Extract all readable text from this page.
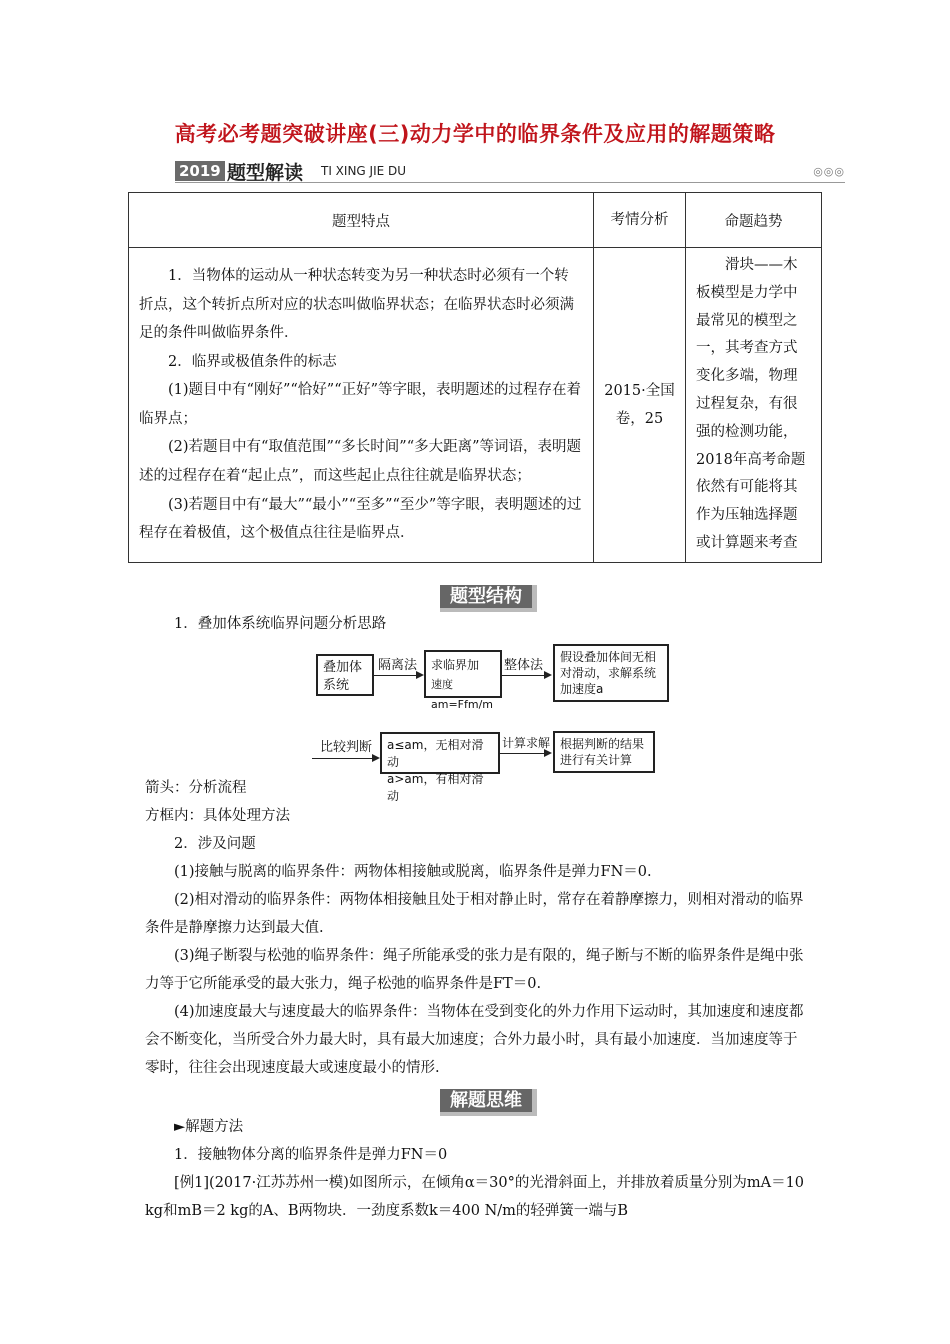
高考必考题突破讲座(三)动力学中的临界条件及应用的解题策略
2019 题型解读 TI XING JIE DU	◎◎◎
题型特点	考情分析	命题趋势

1．当物体的运动从一种状态转变为另一种状态时必须有一个转折点，这个转折点所对应的状态叫做临界状态；在临界状态时必须满足的条件叫做临界条件．

2．临界或极值条件的标志

(1)题目中有“刚好”“恰好”“正好”等字眼，表明题述的过程存在着临界点；

(2)若题目中有“取值范围”“多长时间”“多大距离”等词语，表明题述的过程存在着“起止点”，而这些起止点往往就是临界状态；

(3)若题目中有“最大”“最小”“至多”“至少”等字眼，表明题述的过程存在着极值，这个极值点往往是临界点．	2015·全国卷，25	滑块——木板模型是力学中最常见的模型之一，其考查方式变化多端，物理过程复杂，有很强的检测功能，2018年高考命题依然有可能将其作为压轴选择题或计算题来考查
题型结构

1．叠加体系统临界问题分析思路

叠加体系统
隔离法 求临界加
速度am=Ffm/m
整体法
假设叠加体间无相对滑动，求解系统加速度a
比较判断 a≤am，无相对滑动
a>am，有相对滑动
计算求解 根据判断的结果进行有关计算

箭头：分析流程

方框内：具体处理方法

2．涉及问题

(1)接触与脱离的临界条件：两物体相接触或脱离，临界条件是弹力FN＝0.

(2)相对滑动的临界条件：两物体相接触且处于相对静止时，常存在着静摩擦力，则相对滑动的临界条件是静摩擦力达到最大值.

(3)绳子断裂与松弛的临界条件：绳子所能承受的张力是有限的，绳子断与不断的临界条件是绳中张力等于它所能承受的最大张力，绳子松弛的临界条件是FT＝0.

(4)加速度最大与速度最大的临界条件：当物体在受到变化的外力作用下运动时，其加速度和速度都会不断变化，当所受合外力最大时，具有最大加速度；合外力最小时，具有最小加速度．当加速度等于零时，往往会出现速度最大或速度最小的情形.

解题思维

►解题方法

1．接触物体分离的临界条件是弹力FN＝0

[例1](2017·江苏苏州一模)如图所示，在倾角α＝30°的光滑斜面上，并排放着质量分别为mA＝10 kg和mB＝2 kg的A、B两物块．一劲度系数k＝400 N/m的轻弹簧一端与B
